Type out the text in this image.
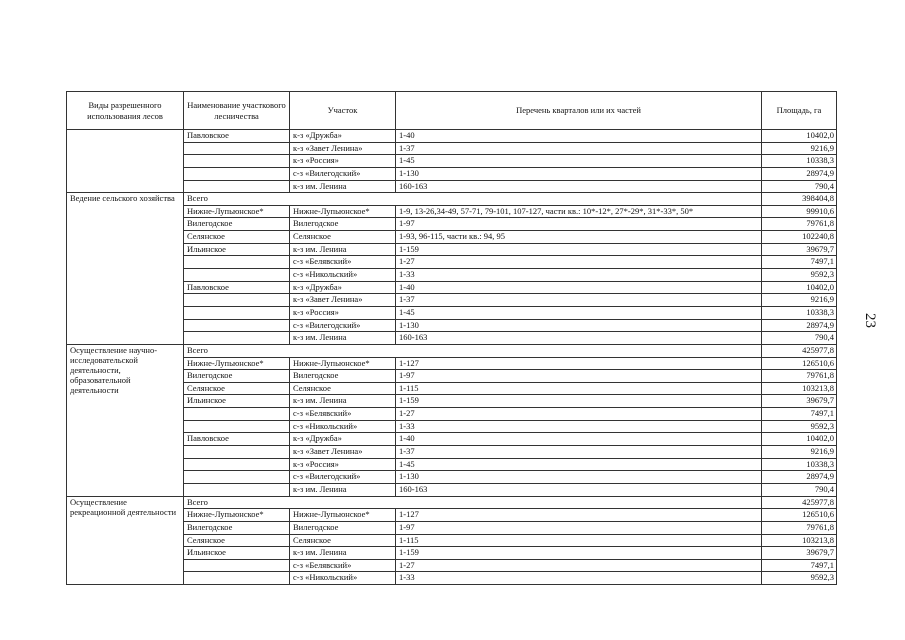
Виды разрешенного использования лесов	Наименование участкового лесничества	Участок	Перечень кварталов или их частей	Площадь, га
	Павловское	к-з «Дружба»	1-40	10402,0
		к-з «Завет Ленина»	1-37	9216,9
		к-з «Россия»	1-45	10338,3
		с-з «Вилегодский»	1-130	28974,9
		к-з им. Ленина	160-163	790,4
Ведение сельского хозяйства	Всего			398404,8
	Нижне-Лупьюнское*	Нижне-Лупьюнское*	1-9, 13-26,34-49, 57-71, 79-101, 107-127, части кв.: 10*-12*, 27*-29*, 31*-33*, 50*	99910,6
	Вилегодское	Вилегодское	1-97	79761,8
	Селянское	Селянское	1-93, 96-115, части кв.: 94, 95	102240,8
	Ильинское	к-з им. Ленина	1-159	39679,7
		с-з «Белявский»	1-27	7497,1
		с-з «Никольский»	1-33	9592,3
	Павловское	к-з «Дружба»	1-40	10402,0
		к-з «Завет Ленина»	1-37	9216,9
		к-з «Россия»	1-45	10338,3
		с-з «Вилегодский»	1-130	28974,9
		к-з им. Ленина	160-163	790,4
Осуществление научно-исследовательской деятельности, образовательной деятельности	Всего			425977,8
	Нижне-Лупьюнское*	Нижне-Лупьюнское*	1-127	126510,6
	Вилегодское	Вилегодское	1-97	79761,8
	Селянское	Селянское	1-115	103213,8
	Ильинское	к-з им. Ленина	1-159	39679,7
		с-з «Белявский»	1-27	7497,1
		с-з «Никольский»	1-33	9592,3
	Павловское	к-з «Дружба»	1-40	10402,0
		к-з «Завет Ленина»	1-37	9216,9
		к-з «Россия»	1-45	10338,3
		с-з «Вилегодский»	1-130	28974,9
		к-з им. Ленина	160-163	790,4
Осуществление рекреационной деятельности	Всего			425977,8
	Нижне-Лупьюнское*	Нижне-Лупьюнское*	1-127	126510,6
	Вилегодское	Вилегодское	1-97	79761,8
	Селянское	Селянское	1-115	103213,8
	Ильинское	к-з им. Ленина	1-159	39679,7
		с-з «Белявский»	1-27	7497,1
		с-з «Никольский»	1-33	9592,3
23
